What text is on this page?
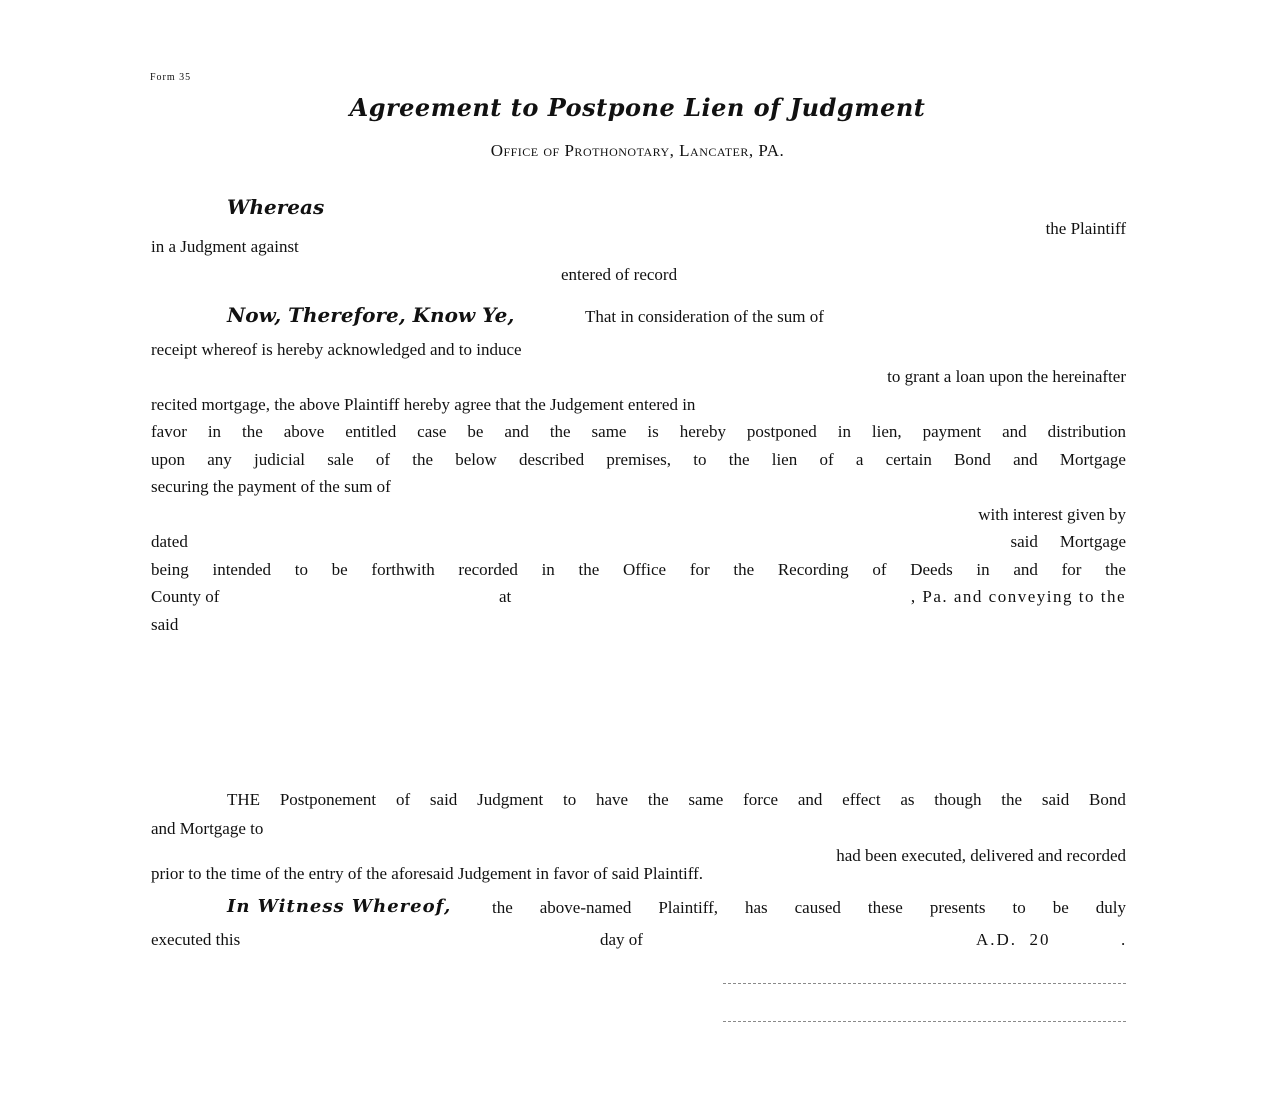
Form 35
Agreement to Postpone Lien of Judgment
Office of Prothonotary, Lancater, PA.
Whereas
the Plaintiff
in a Judgment against
entered of record
Now, Therefore, Know Ye,	That in consideration of the sum of
receipt whereof is hereby acknowledged and to induce
to grant a loan upon the hereinafter
recited mortgage, the above Plaintiff hereby agree that the Judgement entered in
favor in the above entitled case be and the same is hereby postponed in lien, payment and distribution
upon any judicial sale of the below described premises, to the lien of a certain Bond and Mortgage
securing the payment of the sum of
with interest given by
dated	said Mortgage
being intended to be forthwith recorded in the Office for the Recording of Deeds in and for the
County of	at	, Pa. and conveying to the
said
THE Postponement of said Judgment to have the same force and effect as though the said Bond
and Mortgage to
had been executed, delivered and recorded
prior to the time of the entry of the aforesaid Judgement in favor of said Plaintiff.
In Witness Whereof, the above-named Plaintiff, has caused these presents to be duly
executed this	day of	A.D.  20	.
